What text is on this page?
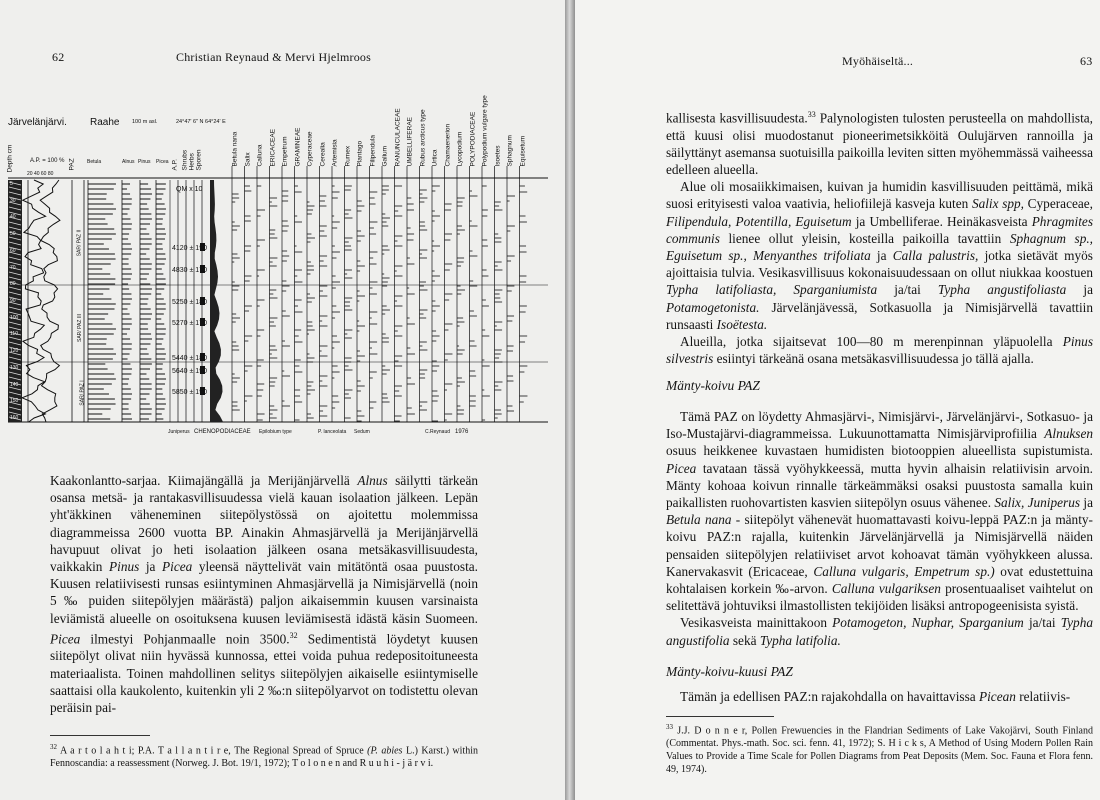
62	Christian Reynaud & Mervi Hjelmroos
Järvelänjärvi. Raahe 100 m asl.	24°47' 6" N 64°24' E
A.P. = 100 %
20 40 60 80
QM x 10
Depth cm	PAZ Betula	Alnus Pinus Picea A.P. Shrubs Herbs Sporen	Betula nana Salix Calluna ERICACEAE Empetrum GRAMINEAE Cyperaceae Cerealia Artemisia Rumex Plantago Filipendula Galium RANUNCULACEAE UMBELLIFERAE Rubus arcticus type Urtica Chamaenerion Lycopodium POLYPODIACEAE Polypodium vulgare type Isoetes Sphagnum Equisetum
4120 ± 190
4830 ± 170
5250 ± 180
5270 ± 170
5440 ± 180
5640 ± 190
5850 ± 190
5
30
40
50
60
70
80
90
100
110
120
130
140
150
160
SAR/ PAZ II
SAR/ PAZ III
SAR/ PAZ I
Juniperus CHENOPODIACEAE Epilobium type	P. lanceolata Sedum	C.Reynaud 1976

Kaakonlantto-sarjaa. Kiimajängällä ja Merijänjärvellä Alnus säilytti tärkeän osansa metsä- ja rantakasvillisuudessa vielä kauan isolaation jälkeen. Lepän yht'äkkinen väheneminen siitepölystössä on ajoitettu molemmissa diagrammeissa 2600 vuotta BP. Ainakin Ahmasjärvellä ja Merijänjärvellä havupuut olivat jo heti isolaation jälkeen osana metsäkasvillisuudesta, vaikkakin Pinus ja Picea yleensä näyttelivät vain mitätöntä osaa puustosta. Kuusen relatiivisesti runsas esiintyminen Ahmasjärvellä ja Nimisjärvellä (noin 5 ‰ puiden siitepölyjen määrästä) paljon aikaisemmin kuusen varsinaista leviämistä alueelle on osoituksena kuusen leviämisestä idästä käsin Suomeen. Picea ilmestyi Pohjanmaalle noin 3500.32 Sedimentistä löydetyt kuusen siitepölyt olivat niin hyvässä kunnossa, ettei voida puhua redepositoituneesta materiaalista. Toinen mahdollinen selitys siitepölyjen aikaiselle esiintymiselle saattaisi olla kaukolento, kuitenkin yli 2 ‰:n siitepölyarvot on todistettu olevan peräisin pai-

$^{32}$ A a r t o l a h t i; P.A. T a l l a n t i r e, The Regional Spread of Spruce (P. abies L.) Karst.) within Fennoscandia: a reassessment (Norweg. J. Bot. 19/1, 1972); T o l o n e n and R u u h i - j ä r v i.
Myöhäiseltä...	63

kallisesta kasvillisuudesta.$^{33}$ Palynologisten tulosten perusteella on mahdollista, että kuusi olisi muodostanut pioneerimetsikköitä Oulujärven rannoilla ja säilyttänyt asemansa suotuisilla paikoilla leviten sitten myöhemmässä vaiheessa edelleen alueella.

Alue oli mosaiikkimaisen, kuivan ja humidin kasvillisuuden peittämä, mikä suosi erityisesti valoa vaativia, heliofiilejä kasveja kuten Salix spp, Cyperaceae, Filipendula, Potentilla, Eguisetum ja Umbelliferae. Heinäkasveista Phragmites communis lienee ollut yleisin, kosteilla paikoilla tavattiin Sphagnum sp., Eguisetum sp., Menyanthes trifoliata ja Calla palustris, jotka sietävät myös ajoittaisia tulvia. Vesikasvillisuus kokonaisuudessaan on ollut niukkaa koostuen Typha latifoliasta, Sparganiumista ja/tai Typha angustifoliasta ja Potamogetonista. Järvelänjävessä, Sotkasuolla ja Nimisjärvellä tavattiin runsaasti Isoëtesta.

Alueilla, jotka sijaitsevat 100—80 m merenpinnan yläpuolella Pinus silvestris esiintyi tärkeänä osana metsäkasvillisuudessa jo tällä ajalla.

Mänty-koivu PAZ

Tämä PAZ on löydetty Ahmasjärvi-, Nimisjärvi-, Järvelänjärvi-, Sotkasuo- ja Iso-Mustajärvi-diagrammeissa. Lukuunottamatta Nimisjärviprofiilia Alnuksen osuus heikkenee kuvastaen humidisten biotooppien alueellista supistumista. Picea tavataan tässä vyöhykkeessä, mutta hyvin alhaisin relatiivisin arvoin. Mänty kohoaa koivun rinnalle tärkeämmäksi osaksi puustosta samalla kuin paikallisten ruohovartisten kasvien siitepölyn osuus vähenee. Salix, Juniperus ja Betula nana - siitepölyt vähenevät huomattavasti koivu-leppä PAZ:n ja mänty-koivu PAZ:n rajalla, kuitenkin Järvelänjärvellä ja Nimisjärvellä näiden pensaiden siitepölyjen relatiiviset arvot kohoavat tämän vyöhykkeen alussa. Kanervakasvit (Ericaceae, Calluna vulgaris, Empetrum sp.) ovat edustettuina kohtalaisen korkein ‰-arvon. Calluna vulgariksen prosentuaaliset vaihtelut on selitettävä johtuviksi ilmastollisten tekijöiden lisäksi antropogeenisista syistä.

Vesikasveista mainittakoon Potamogeton, Nuphar, Sparganium ja/tai Typha angustifolia sekä Typha latifolia.

Mänty-koivu-kuusi PAZ

Tämän ja edellisen PAZ:n rajakohdalla on havaittavissa Picean relatiivis-

$^{33}$ J.J. D o n n e r, Pollen Frewuencies in the Flandrian Sediments of Lake Vakojärvi, South Finland (Commentat. Phys.-math. Soc. sci. fenn. 41, 1972); S. H i c k s, A Method of Using Modern Pollen Rain Values to Provide a Time Scale for Pollen Diagrams from Peat Deposits (Mem. Soc. Fauna et Flora fenn. 49, 1974).
